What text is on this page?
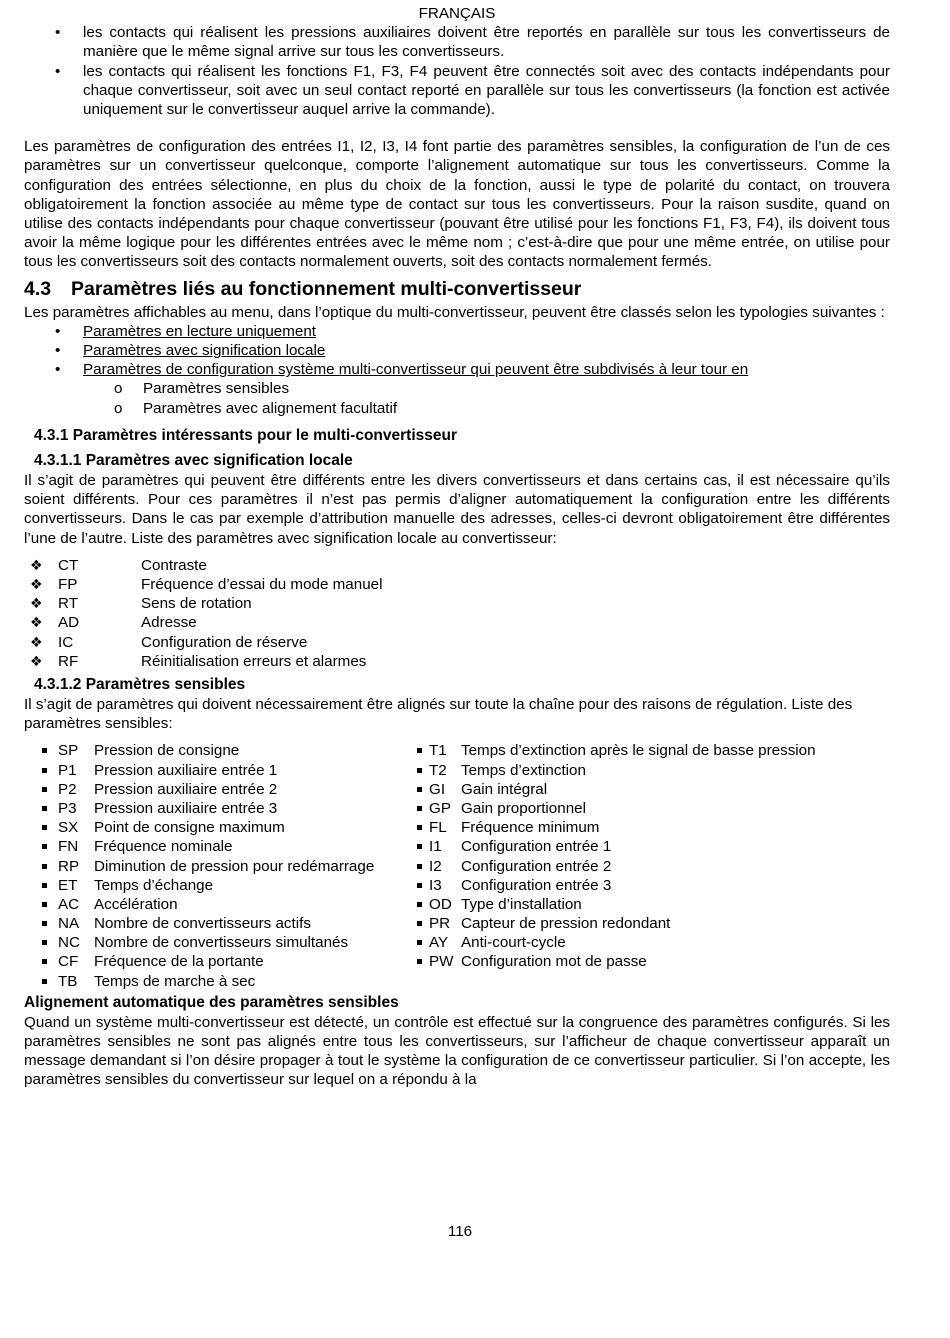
FRANÇAIS
• les contacts qui réalisent les pressions auxiliaires doivent être reportés en parallèle sur tous les convertisseurs de manière que le même signal arrive sur tous les convertisseurs.
• les contacts qui réalisent les fonctions F1, F3, F4 peuvent être connectés soit avec des contacts indépendants pour chaque convertisseur, soit avec un seul contact reporté en parallèle sur tous les convertisseurs (la fonction est activée uniquement sur le convertisseur auquel arrive la commande).

Les paramètres de configuration des entrées I1, I2, I3, I4 font partie des paramètres sensibles, la configuration de l’un de ces paramètres sur un convertisseur quelconque, comporte l’alignement automatique sur tous les convertisseurs. Comme la configuration des entrées sélectionne, en plus du choix de la fonction, aussi le type de polarité du contact, on trouvera obligatoirement la fonction associée au même type de contact sur tous les convertisseurs. Pour la raison susdite, quand on utilise des contacts indépendants pour chaque convertisseur (pouvant être utilisé pour les fonctions F1, F3, F4), ils doivent tous avoir la même logique pour les différentes entrées avec le même nom ; c’est-à-dire que pour une même entrée, on utilise pour tous les convertisseurs soit des contacts normalement ouverts, soit des contacts normalement fermés.

4.3 Paramètres liés au fonctionnement multi-convertisseur

Les paramètres affichables au menu, dans l’optique du multi-convertisseur, peuvent être classés selon les typologies suivantes :

• Paramètres en lecture uniquement
• Paramètres avec signification locale
• Paramètres de configuration système multi-convertisseur qui peuvent être subdivisés à leur tour en
o Paramètres sensibles
o Paramètres avec alignement facultatif
4.3.1 Paramètres intéressants pour le multi-convertisseur
4.3.1.1 Paramètres avec signification locale

Il s’agit de paramètres qui peuvent être différents entre les divers convertisseurs et dans certains cas, il est nécessaire qu’ils soient différents. Pour ces paramètres il n’est pas permis d’aligner automatiquement la configuration entre les différents convertisseurs. Dans le cas par exemple d’attribution manuelle des adresses, celles-ci devront obligatoirement être différentes l’une de l’autre. Liste des paramètres avec signification locale au convertisseur:

❖ CT	Contraste
❖ FP	Fréquence d’essai du mode manuel
❖ RT	Sens de rotation
❖ AD	Adresse
❖ IC	Configuration de réserve
❖ RF	Réinitialisation erreurs et alarmes
4.3.1.2 Paramètres sensibles

Il s’agit de paramètres qui doivent nécessairement être alignés sur toute la chaîne pour des raisons de régulation. Liste des paramètres sensibles:

SP Pression de consigne
P1 Pression auxiliaire entrée 1
P2 Pression auxiliaire entrée 2
P3 Pression auxiliaire entrée 3
SX Point de consigne maximum
FN Fréquence nominale
RP Diminution de pression pour redémarrage
ET Temps d’échange
AC Accélération
NA Nombre de convertisseurs actifs
NC Nombre de convertisseurs simultanés
CF Fréquence de la portante
TB Temps de marche à sec
T1 Temps d’extinction après le signal de basse pression
T2 Temps d’extinction
GI Gain intégral
GP Gain proportionnel
FL Fréquence minimum
I1 Configuration entrée 1
I2 Configuration entrée 2
I3 Configuration entrée 3
OD Type d’installation
PR Capteur de pression redondant
AY Anti-court-cycle
PW Configuration mot de passe
Alignement automatique des paramètres sensibles

Quand un système multi-convertisseur est détecté, un contrôle est effectué sur la congruence des paramètres configurés. Si les paramètres sensibles ne sont pas alignés entre tous les convertisseurs, sur l’afficheur de chaque convertisseur apparaît un message demandant si l’on désire propager à tout le système la configuration de ce convertisseur particulier. Si l’on accepte, les paramètres sensibles du convertisseur sur lequel on a répondu à la

116
